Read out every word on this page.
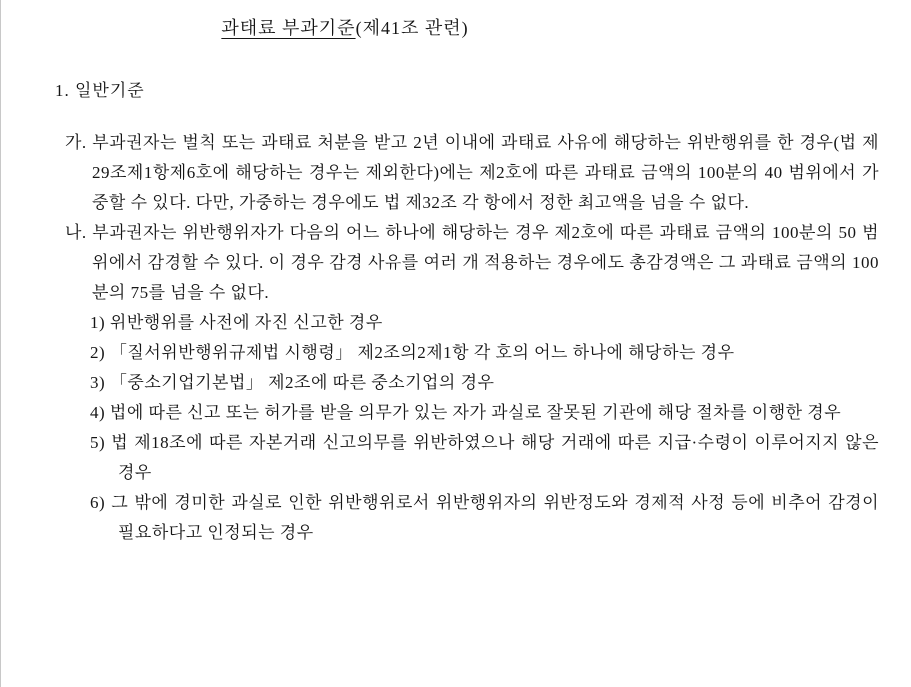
과태료 부과기준(제41조 관련)
1. 일반기준
가. 부과권자는 벌칙 또는 과태료 처분을 받고 2년 이내에 과태료 사유에 해당하는 위반행위를 한 경우(법 제29조제1항제6호에 해당하는 경우는 제외한다)에는 제2호에 따른 과태료 금액의 100분의 40 범위에서 가중할 수 있다. 다만, 가중하는 경우에도 법 제32조 각 항에서 정한 최고액을 넘을 수 없다.
나. 부과권자는 위반행위자가 다음의 어느 하나에 해당하는 경우 제2호에 따른 과태료 금액의 100분의 50 범위에서 감경할 수 있다. 이 경우 감경 사유를 여러 개 적용하는 경우에도 총감경액은 그 과태료 금액의 100분의 75를 넘을 수 없다.
1) 위반행위를 사전에 자진 신고한 경우
2) 「질서위반행위규제법 시행령」 제2조의2제1항 각 호의 어느 하나에 해당하는 경우
3) 「중소기업기본법」 제2조에 따른 중소기업의 경우
4) 법에 따른 신고 또는 허가를 받을 의무가 있는 자가 과실로 잘못된 기관에 해당 절차를 이행한 경우
5) 법 제18조에 따른 자본거래 신고의무를 위반하였으나 해당 거래에 따른 지급·수령이 이루어지지 않은 경우
6) 그 밖에 경미한 과실로 인한 위반행위로서 위반행위자의 위반정도와 경제적 사정 등에 비추어 감경이 필요하다고 인정되는 경우
